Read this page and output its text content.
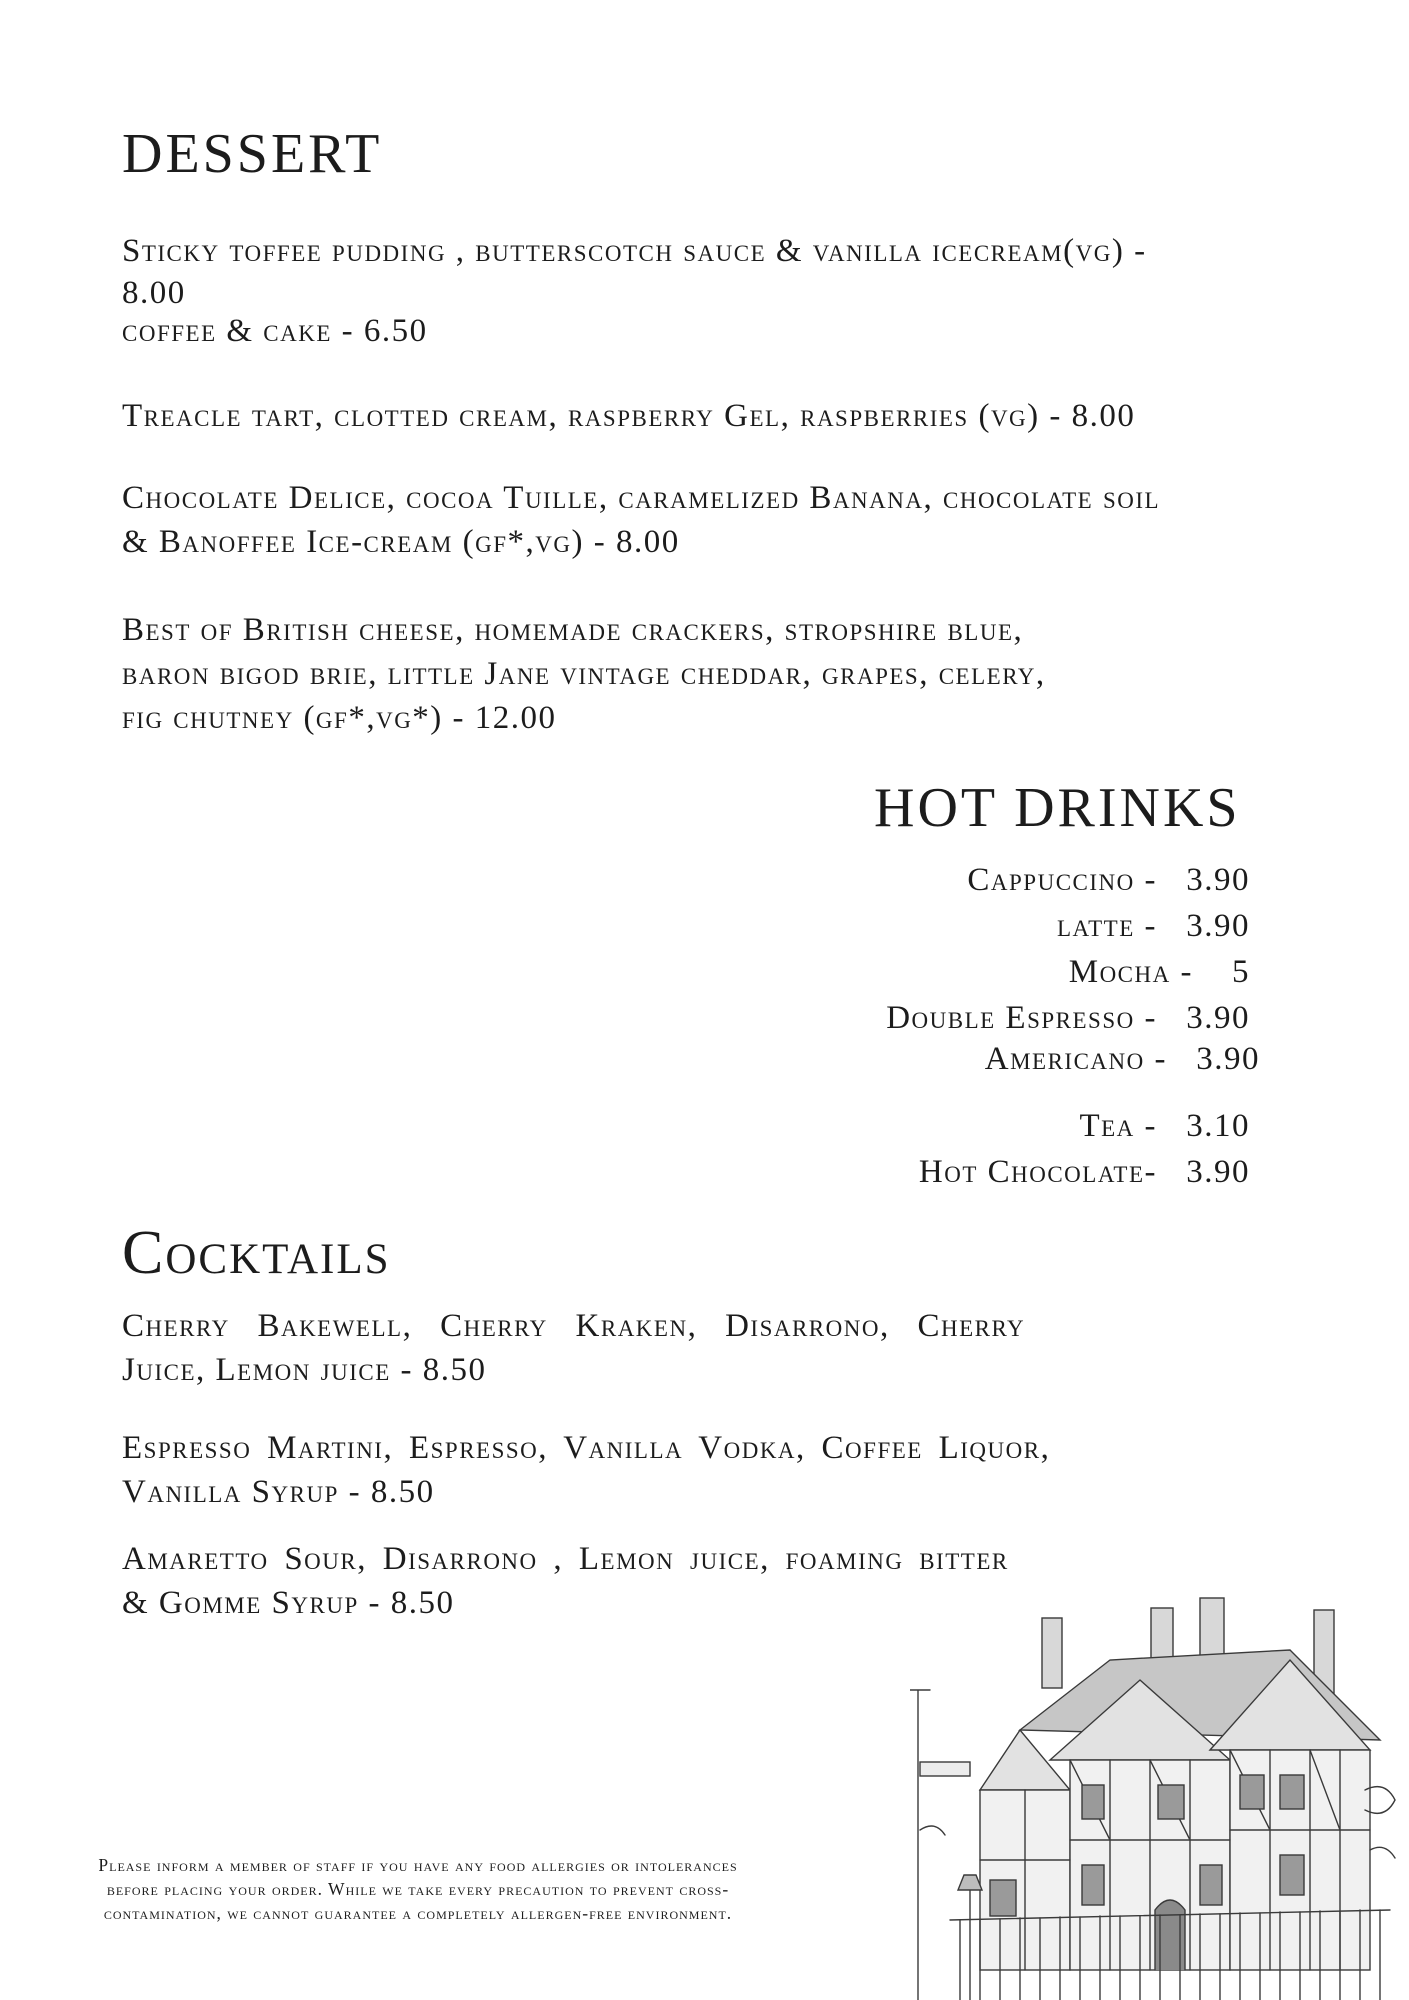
DESSERT

Sticky toffee pudding , butterscotch sauce & vanilla icecream(vg) -
8.00
coffee & cake - 6.50

Treacle tart, clotted cream, raspberry Gel, raspberries (vg) - 8.00

Chocolate Delice, cocoa Tuille, caramelized Banana, chocolate soil
& Banoffee Ice-cream (gf*,vg) - 8.00

Best of British cheese, homemade crackers, stropshire blue,
baron bigod brie, little Jane vintage cheddar, grapes, celery,
fig chutney (gf*,vg*) - 12.00

HOT DRINKS
Cappuccino - 3.90
latte - 3.90
Mocha - 5
Double Espresso - 3.90
Americano - 3.90
Tea - 3.10
Hot Chocolate- 3.90
Cocktails

Cherry Bakewell, Cherry Kraken, Disarrono, Cherry
Juice, Lemon juice - 8.50

Espresso Martini, Espresso, Vanilla Vodka, Coffee Liquor,
Vanilla Syrup - 8.50

Amaretto Sour, Disarrono , Lemon juice, foaming bitter
& Gomme Syrup - 8.50

Please inform a member of staff if you have any food allergies or intolerances
before placing your order. While we take every precaution to prevent cross-
contamination, we cannot guarantee a completely allergen-free environment.
